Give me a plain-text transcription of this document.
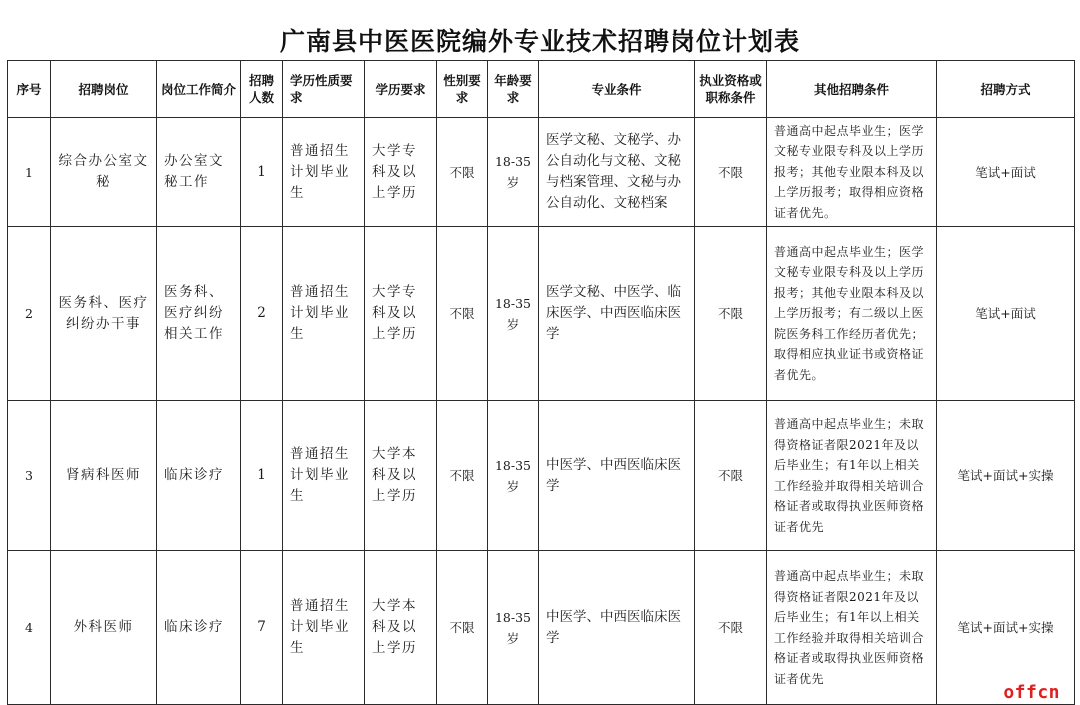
广南县中医医院编外专业技术招聘岗位计划表
序号	招聘岗位	岗位工作简介	招聘人数	学历性质要求	学历要求	性别要求	年龄要求	专业条件	执业资格或职称条件	其他招聘条件	招聘方式
1	综合办公室文秘	办公室文秘工作	1	普通招生计划毕业生	大学专科及以上学历	不限	18-35岁	医学文秘、文秘学、办公自动化与文秘、文秘与档案管理、文秘与办公自动化、文秘档案	不限	普通高中起点毕业生；医学文秘专业限专科及以上学历报考；其他专业限本科及以上学历报考；取得相应资格证者优先。	笔试+面试
2	医务科、医疗纠纷办干事	医务科、医疗纠纷相关工作	2	普通招生计划毕业生	大学专科及以上学历	不限	18-35岁	医学文秘、中医学、临床医学、中西医临床医学	不限	普通高中起点毕业生；医学文秘专业限专科及以上学历报考；其他专业限本科及以上学历报考；有二级以上医院医务科工作经历者优先；取得相应执业证书或资格证者优先。	笔试+面试
3	肾病科医师	临床诊疗	1	普通招生计划毕业生	大学本科及以上学历	不限	18-35岁	中医学、中西医临床医学	不限	普通高中起点毕业生；未取得资格证者限2021年及以后毕业生；有1年以上相关工作经验并取得相关培训合格证者或取得执业医师资格证者优先	笔试+面试+实操
4	外科医师	临床诊疗	7	普通招生计划毕业生	大学本科及以上学历	不限	18-35岁	中医学、中西医临床医学	不限	普通高中起点毕业生；未取得资格证者限2021年及以后毕业生；有1年以上相关工作经验并取得相关培训合格证者或取得执业医师资格证者优先	笔试+面试+实操
offcn
